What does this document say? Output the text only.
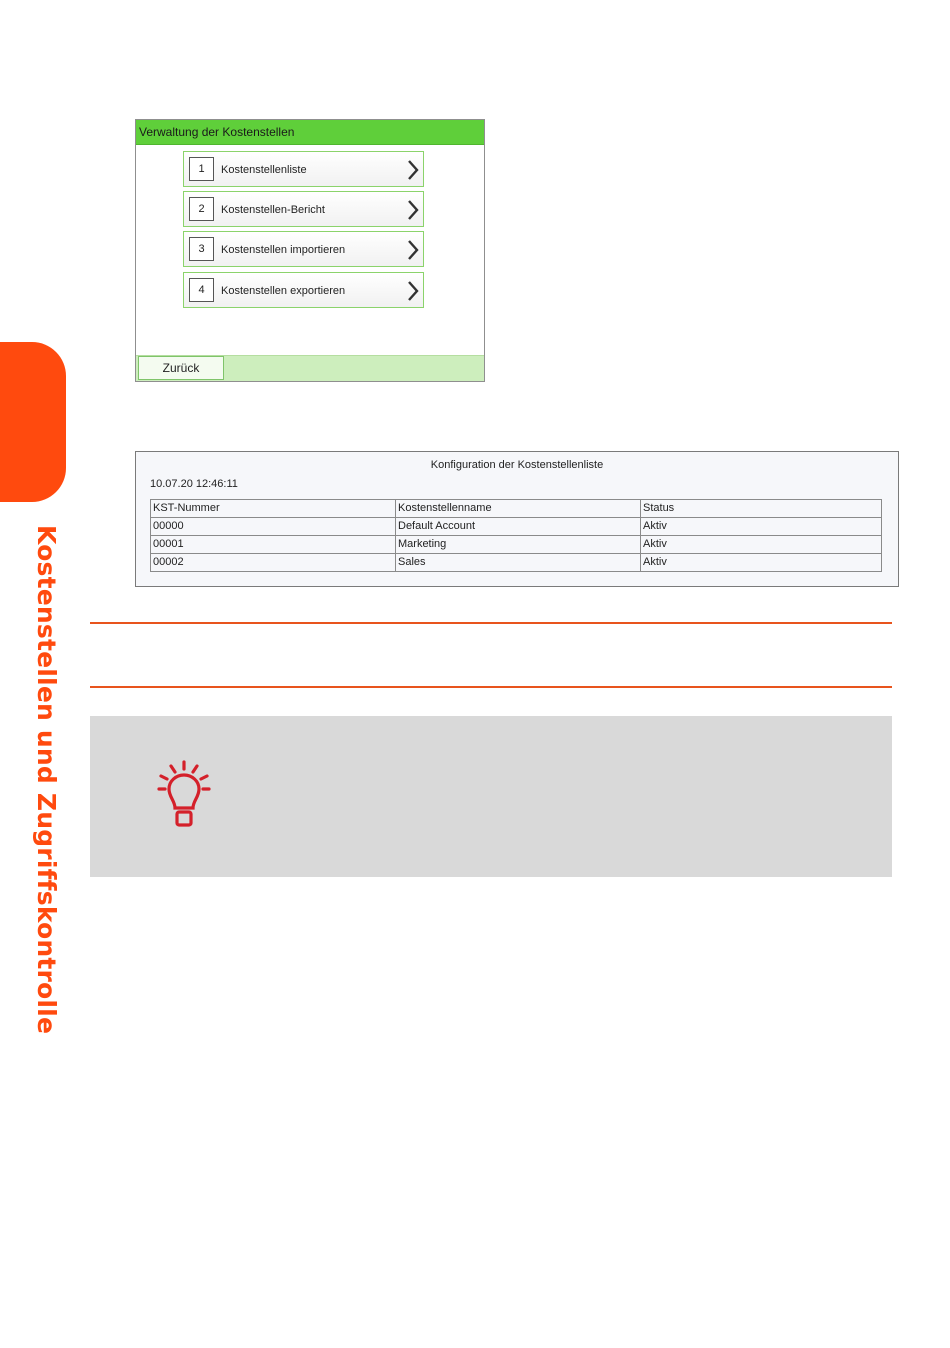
Kostenstellen und Zugriffskontrolle
Verwaltung der Kostenstellen
1	Kostenstellenliste
2	Kostenstellen-Bericht
3	Kostenstellen importieren
4	Kostenstellen exportieren
Zurück
Konfiguration der Kostenstellenliste
10.07.20 12:46:11
KST-Nummer	Kostenstellenname	Status
00000	Default Account	Aktiv
00001	Marketing	Aktiv
00002	Sales	Aktiv
